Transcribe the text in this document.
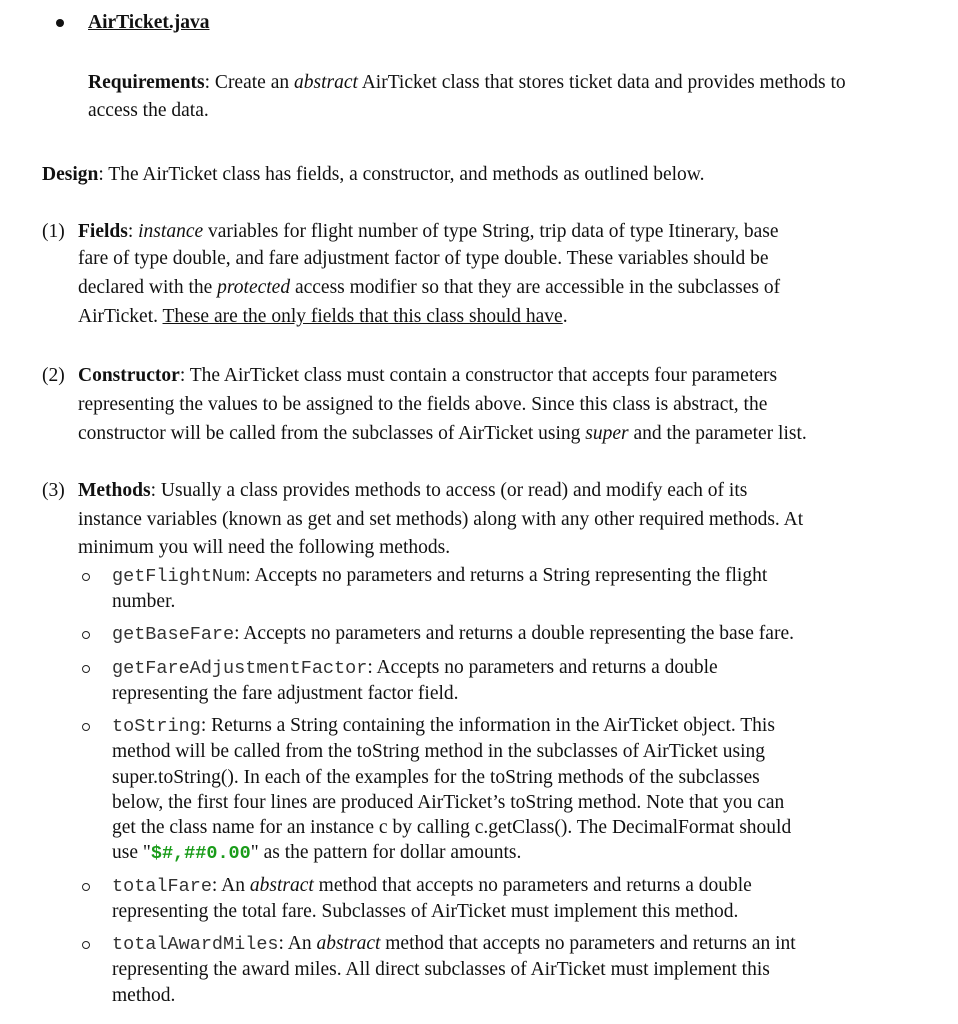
AirTicket.java
Requirements: Create an abstract AirTicket class that stores ticket data and provides methods to
access the data.
Design: The AirTicket class has fields, a constructor, and methods as outlined below.
(1) Fields: instance variables for flight number of type String, trip data of type Itinerary, base
fare of type double, and fare adjustment factor of type double. These variables should be
declared with the protected access modifier so that they are accessible in the subclasses of
AirTicket. These are the only fields that this class should have.
(2) Constructor: The AirTicket class must contain a constructor that accepts four parameters
representing the values to be assigned to the fields above. Since this class is abstract, the
constructor will be called from the subclasses of AirTicket using super and the parameter list.
(3) Methods: Usually a class provides methods to access (or read) and modify each of its
instance variables (known as get and set methods) along with any other required methods. At
minimum you will need the following methods.
getFlightNum: Accepts no parameters and returns a String representing the flight
number.
getBaseFare: Accepts no parameters and returns a double representing the base fare.
getFareAdjustmentFactor: Accepts no parameters and returns a double
representing the fare adjustment factor field.
toString: Returns a String containing the information in the AirTicket object. This
method will be called from the toString method in the subclasses of AirTicket using
super.toString(). In each of the examples for the toString methods of the subclasses
below, the first four lines are produced AirTicket’s toString method. Note that you can
get the class name for an instance c by calling c.getClass(). The DecimalFormat should
use "$#,##0.00" as the pattern for dollar amounts.
totalFare: An abstract method that accepts no parameters and returns a double
representing the total fare. Subclasses of AirTicket must implement this method.
totalAwardMiles: An abstract method that accepts no parameters and returns an int
representing the award miles. All direct subclasses of AirTicket must implement this
method.
